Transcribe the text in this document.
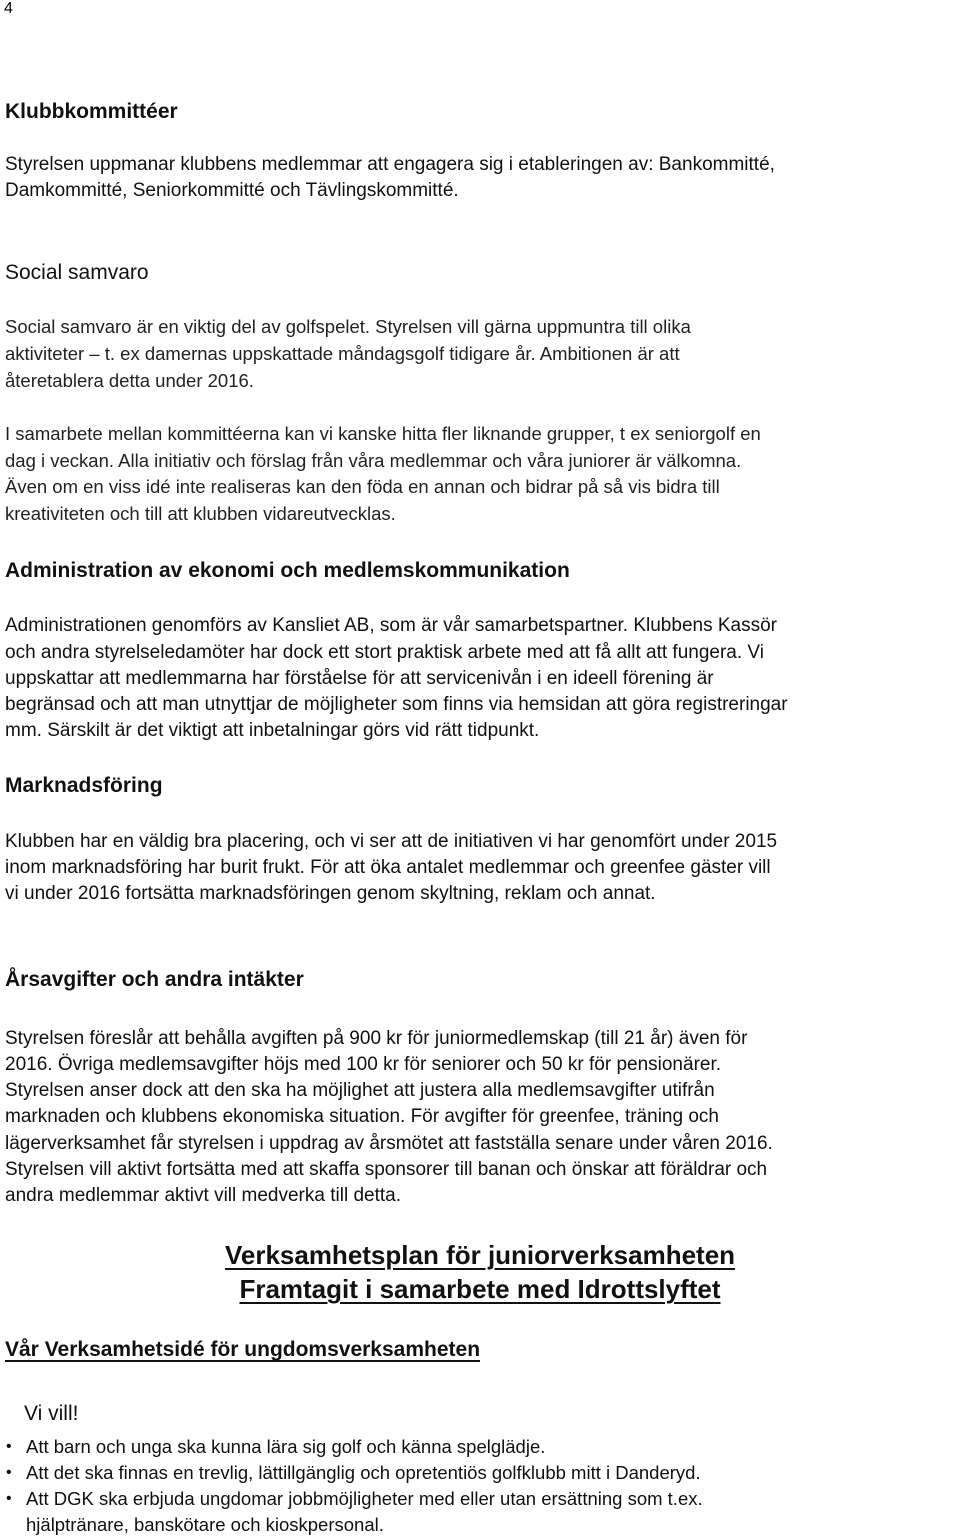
4
Klubbkommittéer
Styrelsen uppmanar klubbens medlemmar att engagera sig i etableringen av: Bankommitté,
Damkommitté, Seniorkommitté och Tävlingskommitté.
Social samvaro
Social samvaro är en viktig del av golfspelet. Styrelsen vill gärna uppmuntra till olika
aktiviteter – t. ex damernas uppskattade måndagsgolf tidigare år. Ambitionen är att
återetablera detta under 2016.
I samarbete mellan kommittéerna kan vi kanske hitta fler liknande grupper, t ex seniorgolf en
dag i veckan. Alla initiativ och förslag från våra medlemmar och våra juniorer är välkomna.
Även om en viss idé inte realiseras kan den föda en annan och bidrar på så vis bidra till
kreativiteten och till att klubben vidareutvecklas.
Administration av ekonomi och medlemskommunikation
Administrationen genomförs av Kansliet AB, som är vår samarbetspartner. Klubbens Kassör
och andra styrelseledamöter har dock ett stort praktisk arbete med att få allt att fungera. Vi
uppskattar att medlemmarna har förståelse för att servicenivån i en ideell förening är
begränsad och att man utnyttjar de möjligheter som finns via hemsidan att göra registreringar
mm. Särskilt är det viktigt att inbetalningar görs vid rätt tidpunkt.
Marknadsföring
Klubben har en väldig bra placering, och vi ser att de initiativen vi har genomfört under 2015
inom marknadsföring har burit frukt. För att öka antalet medlemmar och greenfee gäster vill
vi under 2016 fortsätta marknadsföringen genom skyltning, reklam och annat.
Årsavgifter och andra intäkter
Styrelsen föreslår att behålla avgiften på 900 kr för juniormedlemskap (till 21 år) även för
2016. Övriga medlemsavgifter höjs med 100 kr för seniorer och 50 kr för pensionärer.
Styrelsen anser dock att den ska ha möjlighet att justera alla medlemsavgifter utifrån
marknaden och klubbens ekonomiska situation. För avgifter för greenfee, träning och
lägerverksamhet får styrelsen i uppdrag av årsmötet att fastställa senare under våren 2016.
Styrelsen vill aktivt fortsätta med att skaffa sponsorer till banan och önskar att föräldrar och
andra medlemmar aktivt vill medverka till detta.
Verksamhetsplan för juniorverksamheten
Framtagit i samarbete med Idrottslyftet
Vår Verksamhetsidé för ungdomsverksamheten
Vi vill!
• Att barn och unga ska kunna lära sig golf och känna spelglädje.
• Att det ska finnas en trevlig, lättillgänglig och opretentiös golfklubb mitt i Danderyd.
• Att DGK ska erbjuda ungdomar jobbmöjligheter med eller utan ersättning som t.ex.
hjälptränare, banskötare och kioskpersonal.
